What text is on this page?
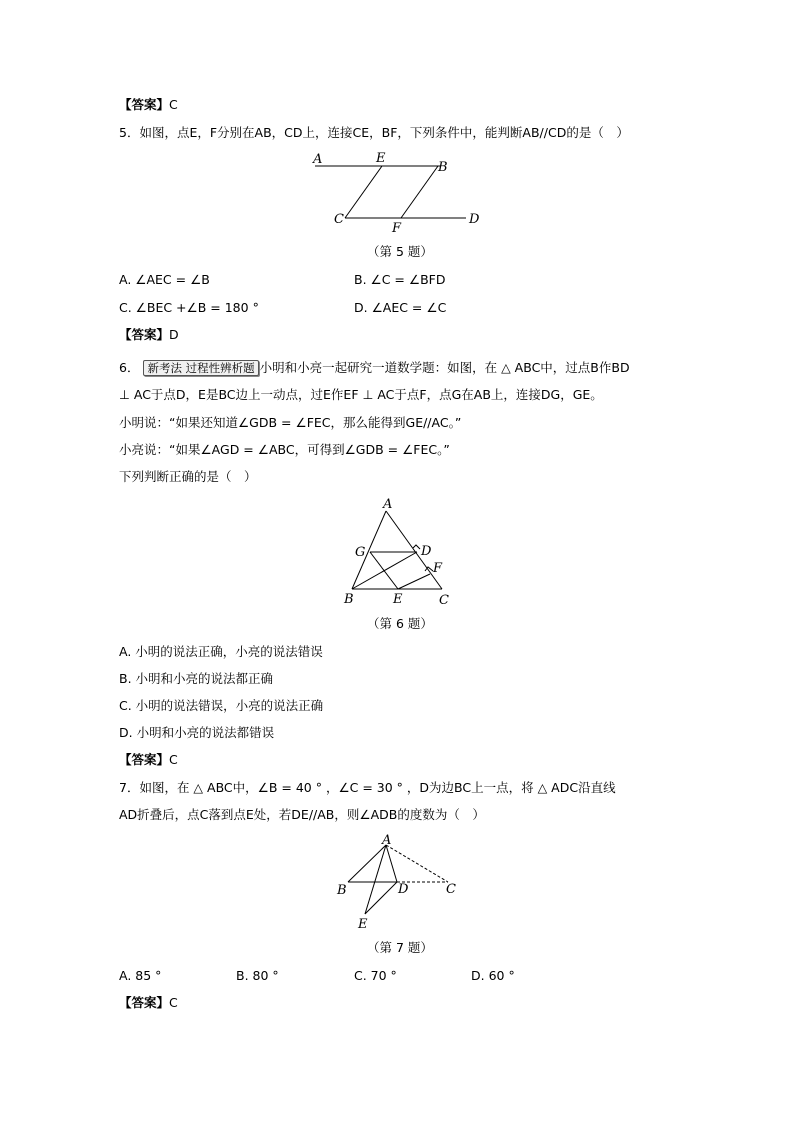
【答案】C
5．如图，点E，F分别在AB，CD上，连接CE，BF，下列条件中，能判断AB//CD的是（　）
A	E
B
C
F
D
（第 5 题）
A. ∠AEC = ∠B	B. ∠C = ∠BFD
C. ∠BEC +∠B = 180 °	D. ∠AEC = ∠C
【答案】D
6． 新考法 过程性辨析题 小明和小亮一起研究一道数学题：如图，在 △ ABC中，过点B作BD
⊥ AC于点D，E是BC边上一动点，过E作EF ⊥ AC于点F，点G在AB上，连接DG，GE。
小明说：“如果还知道∠GDB = ∠FEC，那么能得到GE//AC。”
小亮说：“如果∠AGD = ∠ABC，可得到∠GDB = ∠FEC。”
下列判断正确的是（　）
A
G	D
F
B	E	C
（第 6 题）
A. 小明的说法正确，小亮的说法错误
B. 小明和小亮的说法都正确
C. 小明的说法错误，小亮的说法正确
D. 小明和小亮的说法都错误
【答案】C
7．如图，在 △ ABC中，∠B = 40 ° ，∠C = 30 ° ，D为边BC上一点，将 △ ADC沿直线
AD折叠后，点C落到点E处，若DE//AB，则∠ADB的度数为（　）
A
B	D	C
E
（第 7 题）
A. 85 °	B. 80 °	C. 70 °	D. 60 °
【答案】C
